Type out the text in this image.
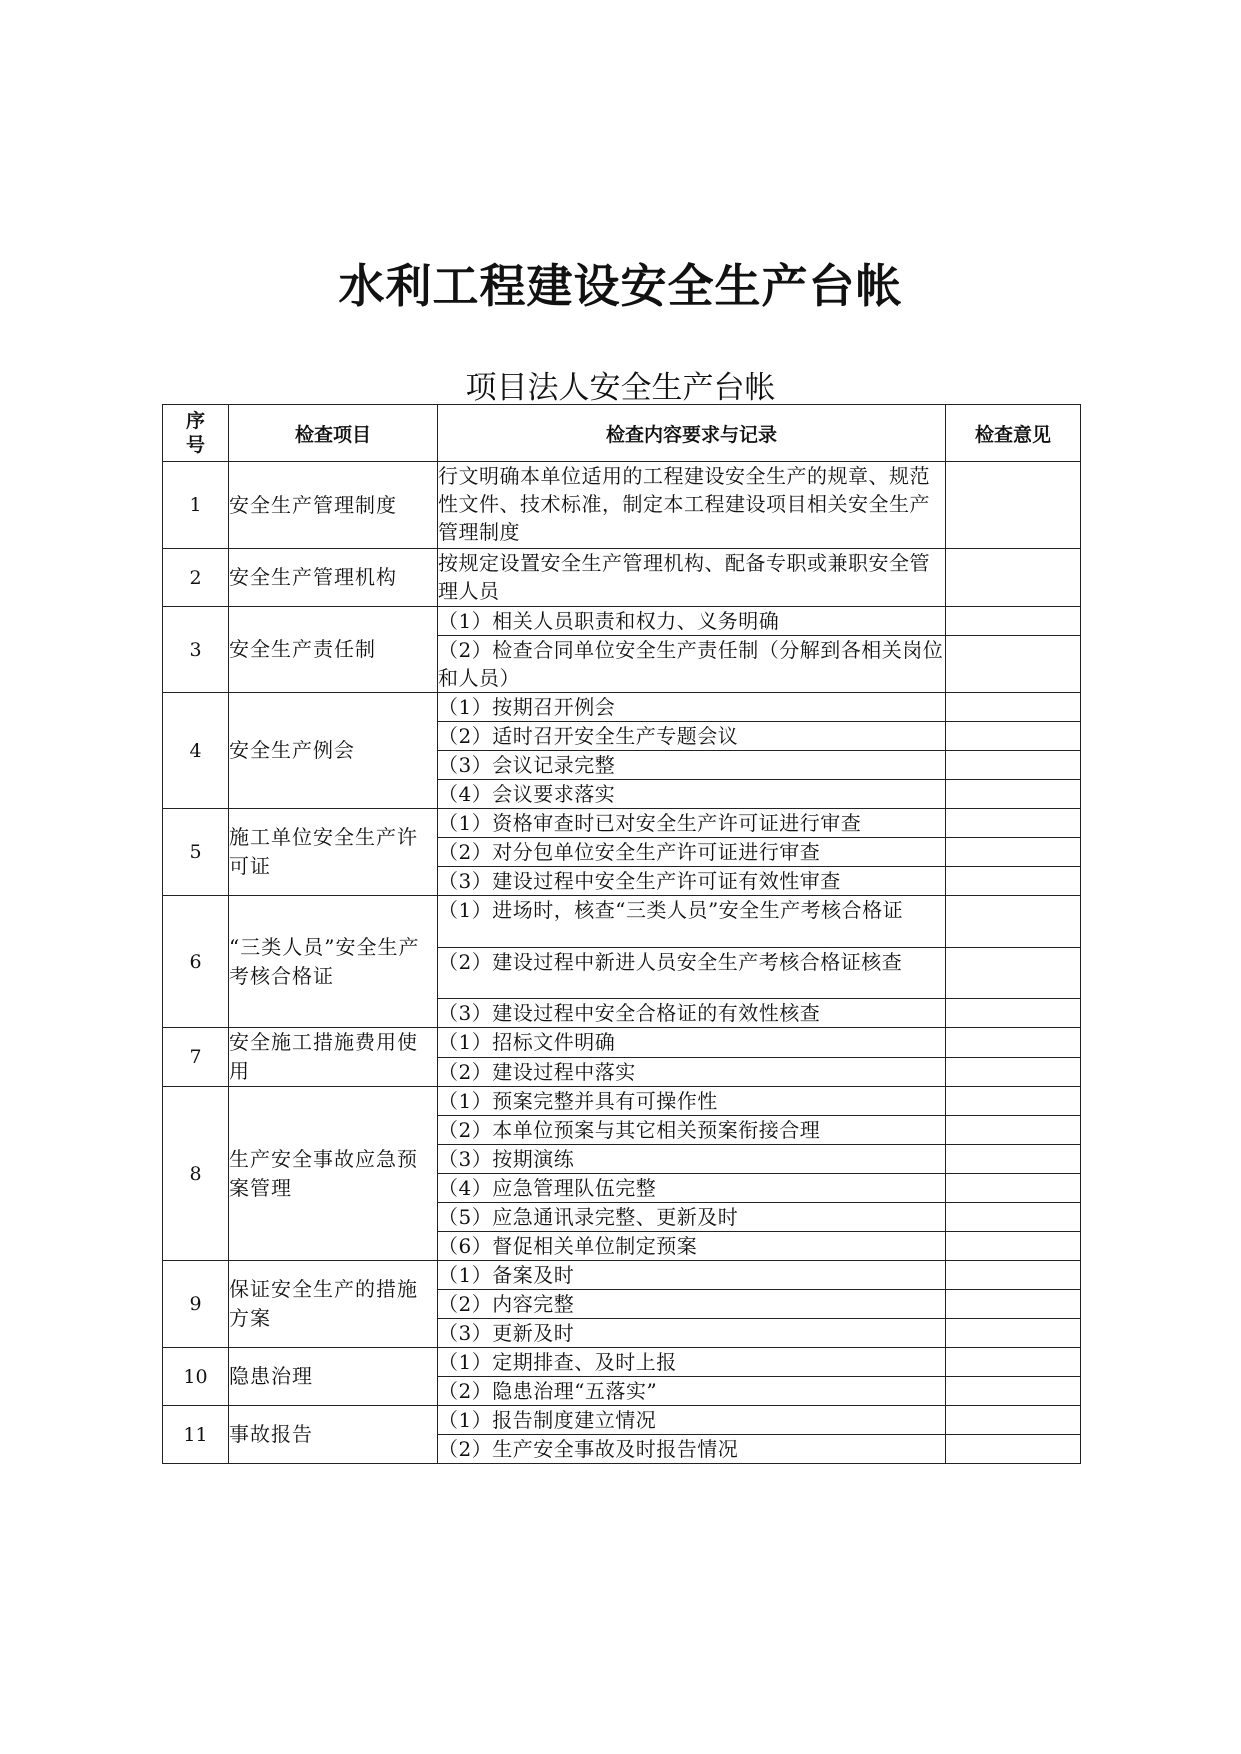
水利工程建设安全生产台帐
项目法人安全生产台帐
序
号	检查项目	检查内容要求与记录	检查意见
1	安全生产管理制度	行文明确本单位适用的工程建设安全生产的规章、规范性文件、技术标准，制定本工程建设项目相关安全生产管理制度	
2	安全生产管理机构	按规定设置安全生产管理机构、配备专职或兼职安全管理人员	
3	安全生产责任制	（1）相关人员职责和权力、义务明确	
		（2）检查合同单位安全生产责任制（分解到各相关岗位和人员）	
4	安全生产例会	（1）按期召开例会	
		（2）适时召开安全生产专题会议	
		（3）会议记录完整	
		（4）会议要求落实	
5	施工单位安全生产许可证	（1）资格审查时已对安全生产许可证进行审查	
		（2）对分包单位安全生产许可证进行审查	
		（3）建设过程中安全生产许可证有效性审查	
6	“三类人员”安全生产考核合格证	（1）进场时，核查“三类人员”安全生产考核合格证	
		（2）建设过程中新进人员安全生产考核合格证核查	
		（3）建设过程中安全合格证的有效性核查	
7	安全施工措施费用使用	（1）招标文件明确	
		（2）建设过程中落实	
8	生产安全事故应急预案管理	（1）预案完整并具有可操作性	
		（2）本单位预案与其它相关预案衔接合理	
		（3）按期演练	
		（4）应急管理队伍完整	
		（5）应急通讯录完整、更新及时	
		（6）督促相关单位制定预案	
9	保证安全生产的措施方案	（1）备案及时	
		（2）内容完整	
		（3）更新及时	
10	隐患治理	（1）定期排查、及时上报	
		（2）隐患治理“五落实”	
11	事故报告	（1）报告制度建立情况	
		（2）生产安全事故及时报告情况	
